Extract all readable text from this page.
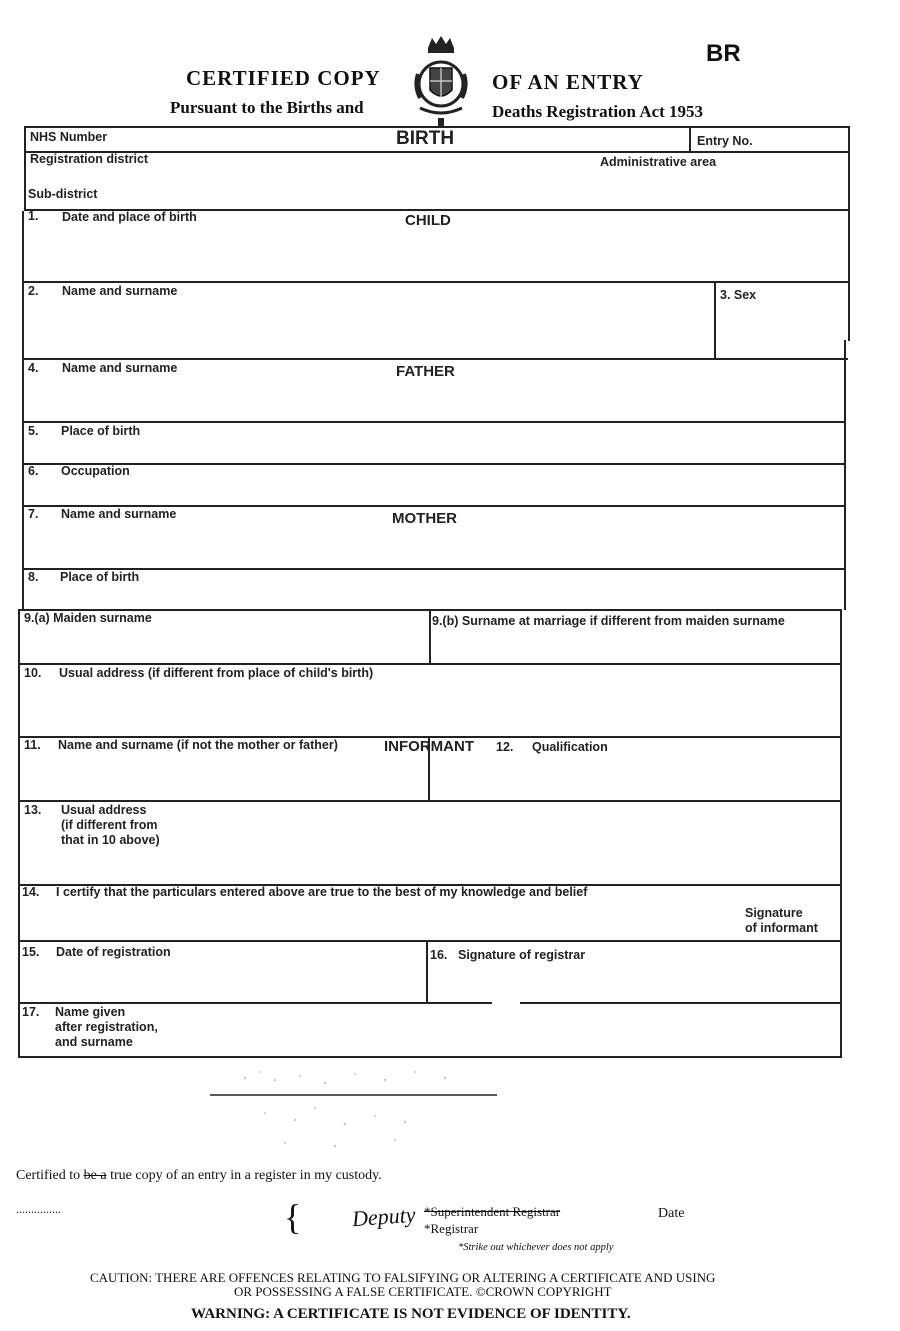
CERTIFIED COPY	OF AN ENTRY
Pursuant to the Births and	Deaths Registration Act 1953
BR
NHS Number	BIRTH	Entry No.
Registration district	Administrative area
Sub-district
1. Date and place of birth	CHILD
2. Name and surname	3. Sex
4. Name and surname	FATHER
5. Place of birth
6. Occupation
7. Name and surname	MOTHER
8. Place of birth
9.(a) Maiden surname	9.(b) Surname at marriage if different from maiden surname
10. Usual address (if different from place of child's birth)
11. Name and surname (if not the mother or father)	INFORMANT 12. Qualification
13. Usual address
(if different from
that in 10 above)
14. I certify that the particulars entered above are true to the best of my knowledge and belief
Signature
of informant
15. Date of registration	16. Signature of registrar
17. Name given
after registration,
and surname
Certified to be a true copy of an entry in a register in my custody.
...............	{ Deputy *Superintendent Registrar
*Registrar
Date
*Strike out whichever does not apply
CAUTION: THERE ARE OFFENCES RELATING TO FALSIFYING OR ALTERING A CERTIFICATE AND USING
OR POSSESSING A FALSE CERTIFICATE. ©CROWN COPYRIGHT
WARNING: A CERTIFICATE IS NOT EVIDENCE OF IDENTITY.
